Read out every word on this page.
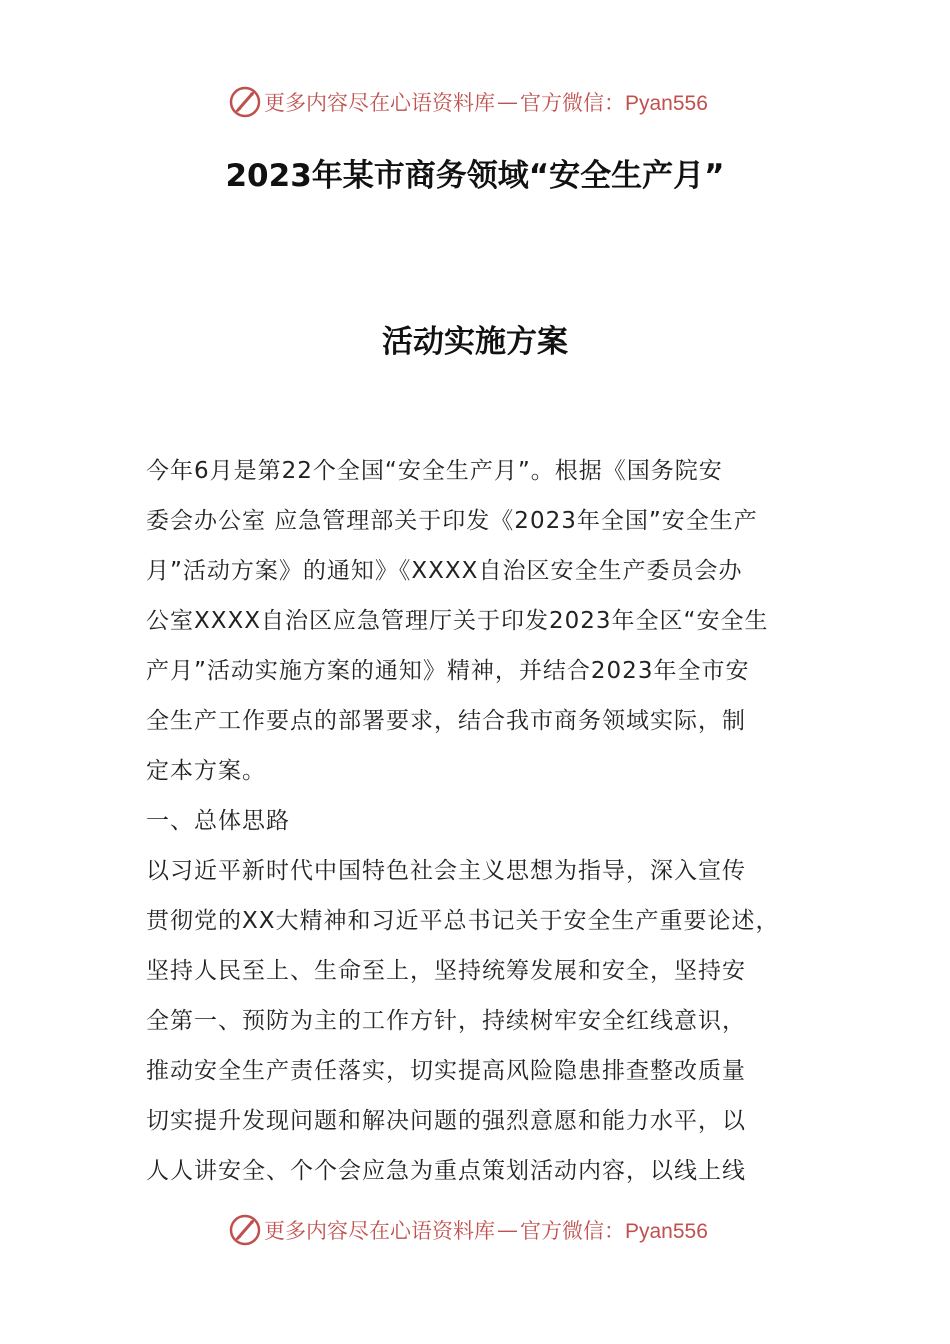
更多内容尽在心语资料库 — 官方微信：Pyan556
2023年某市商务领域“安全生产月”
活动实施方案
今年6月是第22个全国“安全生产月”。根据《国务院安
委会办公室 应急管理部关于印发《2023年全国”安全生产
月”活动方案》的通知》《XXXX自治区安全生产委员会办
公室XXXX自治区应急管理厅关于印发2023年全区“安全生
产月”活动实施方案的通知》精神，并结合2023年全市安
全生产工作要点的部署要求，结合我市商务领域实际，制
定本方案。
一、总体思路
以习近平新时代中国特色社会主义思想为指导，深入宣传
贯彻党的XX大精神和习近平总书记关于安全生产重要论述，
坚持人民至上、生命至上，坚持统筹发展和安全，坚持安
全第一、预防为主的工作方针，持续树牢安全红线意识，
推动安全生产责任落实，切实提高风险隐患排查整改质量
切实提升发现问题和解决问题的强烈意愿和能力水平，以
人人讲安全、个个会应急为重点策划活动内容，以线上线
更多内容尽在心语资料库 — 官方微信：Pyan556
